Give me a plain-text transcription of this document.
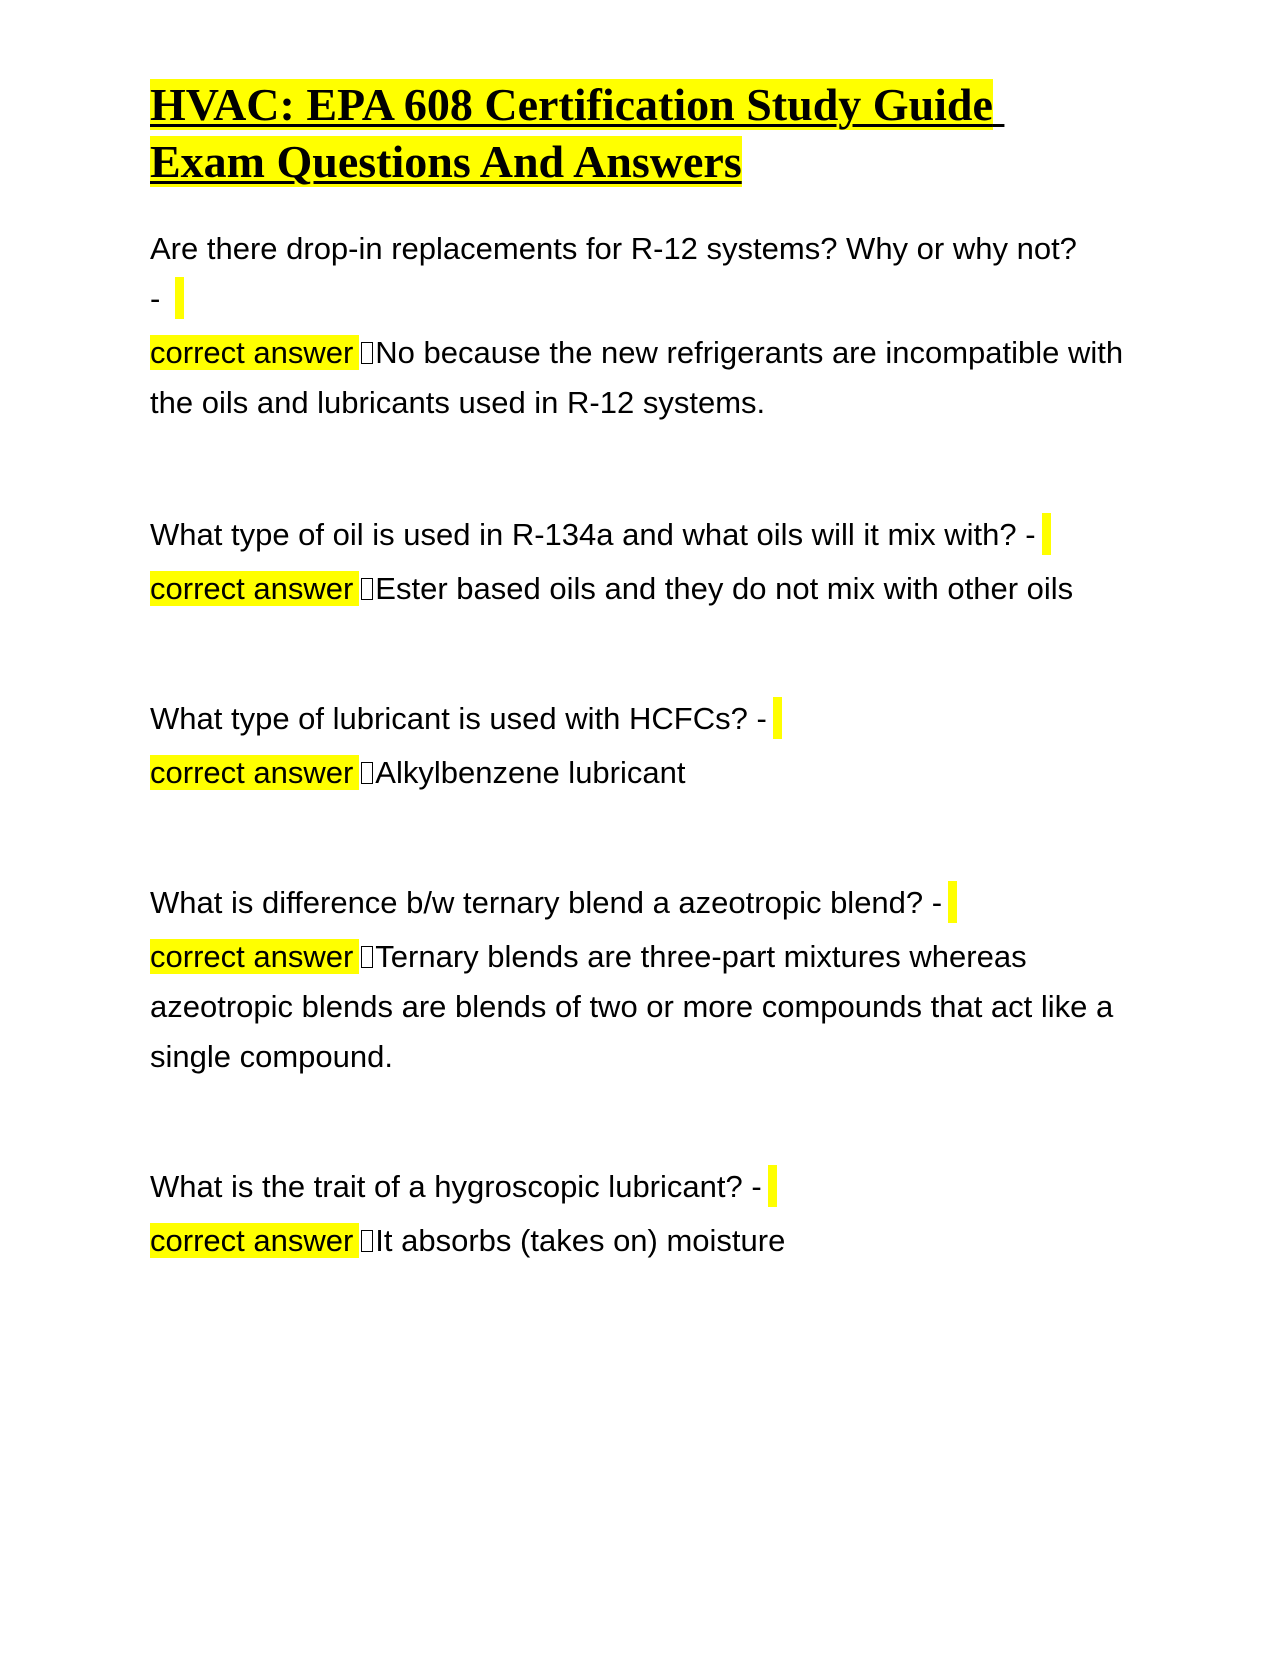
HVAC: EPA 608 Certification Study Guide
Exam Questions And Answers
Are there drop-in replacements for R-12 systems? Why or why not?
-
correct answer No because the new refrigerants are incompatible with the oils and lubricants used in R-12 systems.
What type of oil is used in R-134a and what oils will it mix with? -
correct answer Ester based oils and they do not mix with other oils
What type of lubricant is used with HCFCs? -
correct answer Alkylbenzene lubricant
What is difference b/w ternary blend a azeotropic blend? -
correct answer Ternary blends are three-part mixtures whereas azeotropic blends are blends of two or more compounds that act like a single compound.
What is the trait of a hygroscopic lubricant? -
correct answer It absorbs (takes on) moisture
